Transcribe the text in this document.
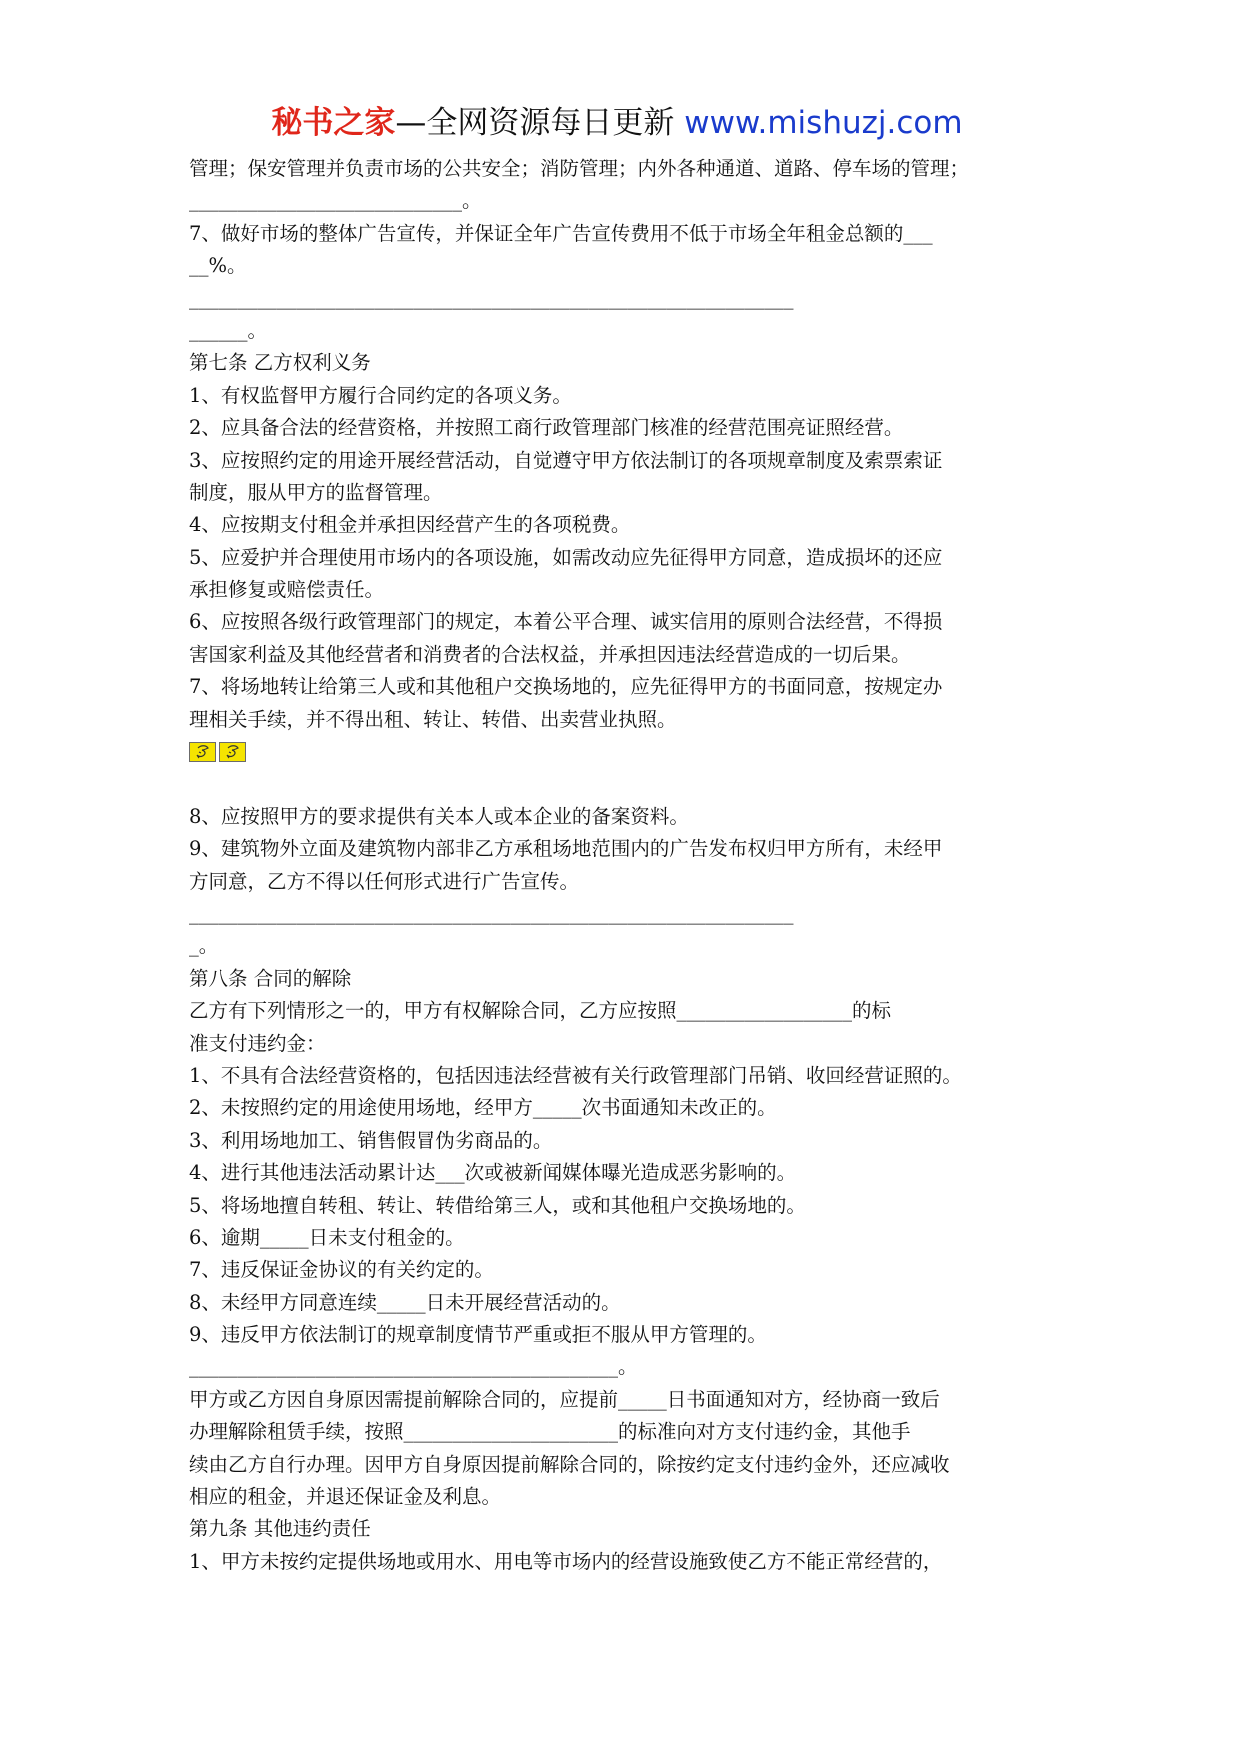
秘书之家—全网资源每日更新 www.mishuzj.com
管理；保安管理并负责市场的公共安全；消防管理；内外各种通道、道路、停车场的管理；
____________________________。
7、做好市场的整体广告宣传，并保证全年广告宣传费用不低于市场全年租金总额的___
__%。
______________________________________________________________
______。
第七条 乙方权利义务
1、有权监督甲方履行合同约定的各项义务。
2、应具备合法的经营资格，并按照工商行政管理部门核准的经营范围亮证照经营。
3、应按照约定的用途开展经营活动，自觉遵守甲方依法制订的各项规章制度及索票索证
制度，服从甲方的监督管理。
4、应按期支付租金并承担因经营产生的各项税费。
5、应爱护并合理使用市场内的各项设施，如需改动应先征得甲方同意，造成损坏的还应
承担修复或赔偿责任。
6、应按照各级行政管理部门的规定，本着公平合理、诚实信用的原则合法经营，不得损
害国家利益及其他经营者和消费者的合法权益，并承担因违法经营造成的一切后果。
7、将场地转让给第三人或和其他租户交换场地的，应先征得甲方的书面同意，按规定办
理相关手续，并不得出租、转让、转借、出卖营业执照。
8、应按照甲方的要求提供有关本人或本企业的备案资料。
9、建筑物外立面及建筑物内部非乙方承租场地范围内的广告发布权归甲方所有，未经甲
方同意，乙方不得以任何形式进行广告宣传。
______________________________________________________________
_。
第八条 合同的解除
乙方有下列情形之一的，甲方有权解除合同，乙方应按照__________________的标
准支付违约金：
1、不具有合法经营资格的，包括因违法经营被有关行政管理部门吊销、收回经营证照的。
2、未按照约定的用途使用场地，经甲方_____次书面通知未改正的。
3、利用场地加工、销售假冒伪劣商品的。
4、进行其他违法活动累计达___次或被新闻媒体曝光造成恶劣影响的。
5、将场地擅自转租、转让、转借给第三人，或和其他租户交换场地的。
6、逾期_____日未支付租金的。
7、违反保证金协议的有关约定的。
8、未经甲方同意连续_____日未开展经营活动的。
9、违反甲方依法制订的规章制度情节严重或拒不服从甲方管理的。
____________________________________________。
甲方或乙方因自身原因需提前解除合同的，应提前_____日书面通知对方，经协商一致后
办理解除租赁手续，按照______________________的标准向对方支付违约金，其他手
续由乙方自行办理。因甲方自身原因提前解除合同的，除按约定支付违约金外，还应减收
相应的租金，并退还保证金及利息。
第九条 其他违约责任
1、甲方未按约定提供场地或用水、用电等市场内的经营设施致使乙方不能正常经营的，
